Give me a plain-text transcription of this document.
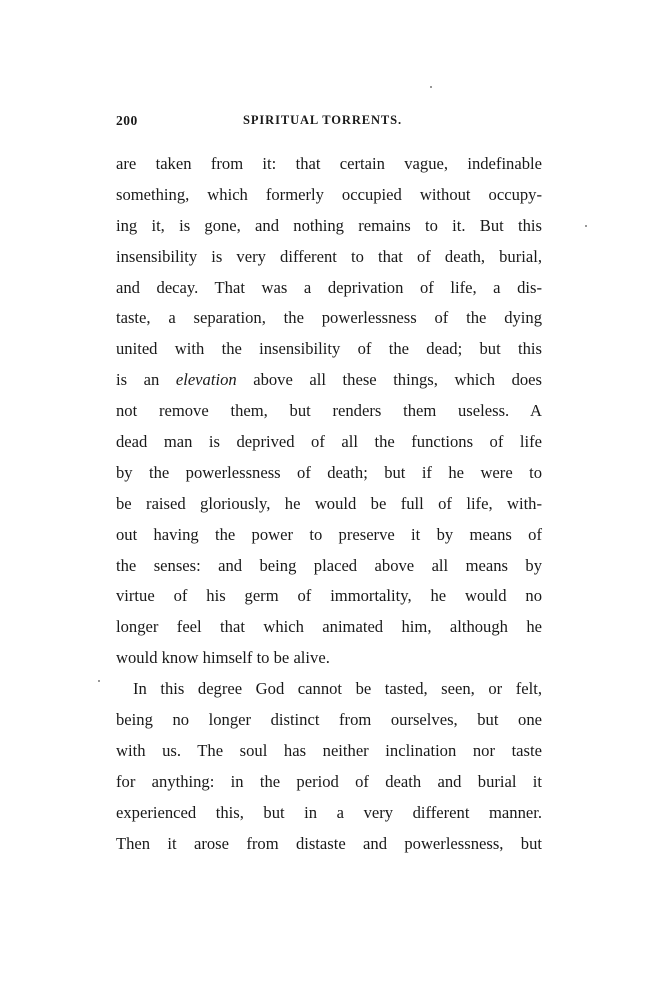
200	SPIRITUAL TORRENTS.
are taken from it: that certain vague, indefinable
something, which formerly occupied without occupy-
ing it, is gone, and nothing remains to it. But this
insensibility is very different to that of death, burial,
and decay. That was a deprivation of life, a dis-
taste, a separation, the powerlessness of the dying
united with the insensibility of the dead; but this
is an elevation above all these things, which does
not remove them, but renders them useless. A
dead man is deprived of all the functions of life
by the powerlessness of death; but if he were to
be raised gloriously, he would be full of life, with-
out having the power to preserve it by means of
the senses: and being placed above all means by
virtue of his germ of immortality, he would no
longer feel that which animated him, although he
would know himself to be alive.
In this degree God cannot be tasted, seen, or felt,
being no longer distinct from ourselves, but one
with us. The soul has neither inclination nor taste
for anything: in the period of death and burial it
experienced this, but in a very different manner.
Then it arose from distaste and powerlessness, but
